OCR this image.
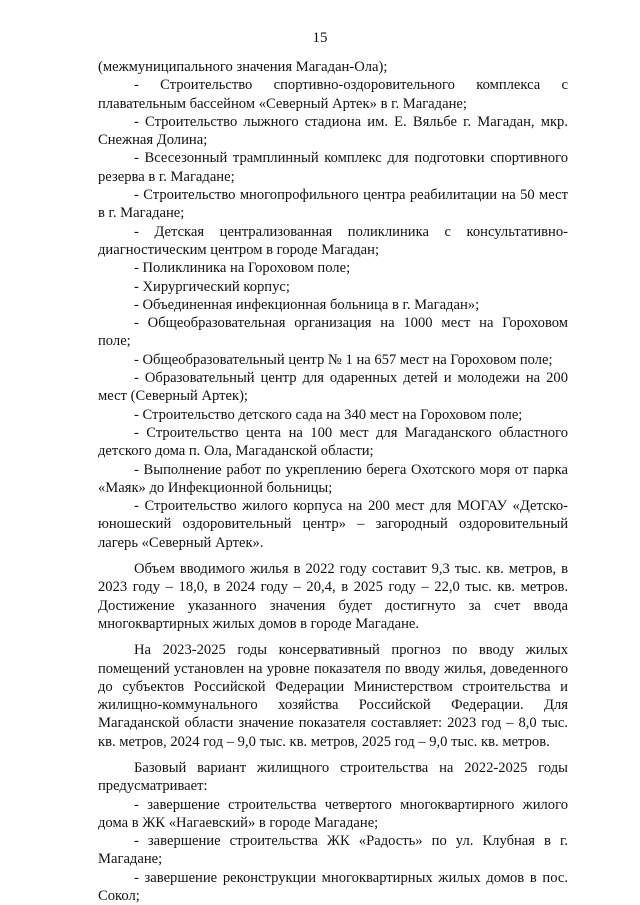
15

(межмуниципального значения Магадан-Ола);

- Строительство спортивно-оздоровительного комплекса с плавательным бассейном «Северный Артек» в г. Магадане;

- Строительство лыжного стадиона им. Е. Вяльбе г. Магадан, мкр. Снежная Долина;

- Всесезонный трамплинный комплекс для подготовки спортивного резерва в г. Магадане;

- Строительство многопрофильного центра реабилитации на 50 мест в г. Магадане;

- Детская централизованная поликлиника с консультативно-диагностическим центром в городе Магадан;

- Поликлиника на Гороховом поле;

- Хирургический корпус;

- Объединенная инфекционная больница в г. Магадан»;

- Общеобразовательная организация на 1000 мест на Гороховом поле;

- Общеобразовательный центр № 1 на 657 мест на Гороховом поле;

- Образовательный центр для одаренных детей и молодежи на 200 мест (Северный Артек);

- Строительство детского сада на 340 мест на Гороховом поле;

- Строительство цента на 100 мест для Магаданского областного детского дома п. Ола, Магаданской области;

- Выполнение работ по укреплению берега Охотского моря от парка «Маяк» до Инфекционной больницы;

- Строительство жилого корпуса на 200 мест для МОГАУ «Детско-юношеский оздоровительный центр» – загородный оздоровительный лагерь «Северный Артек».

Объем вводимого жилья в 2022 году составит 9,3 тыс. кв. метров, в 2023 году – 18,0, в 2024 году – 20,4, в 2025 году – 22,0 тыс. кв. метров. Достижение указанного значения будет достигнуто за счет ввода многоквартирных жилых домов в городе Магадане.

На 2023-2025 годы консервативный прогноз по вводу жилых помещений установлен на уровне показателя по вводу жилья, доведенного до субъектов Российской Федерации Министерством строительства и жилищно-коммунального хозяйства Российской Федерации. Для Магаданской области значение показателя составляет: 2023 год – 8,0 тыс. кв. метров, 2024 год – 9,0 тыс. кв. метров, 2025 год – 9,0 тыс. кв. метров.

Базовый вариант жилищного строительства на 2022-2025 годы предусматривает:

- завершение строительства четвертого многоквартирного жилого дома в ЖК «Нагаевский» в городе Магадане;

- завершение строительства ЖК «Радость» по ул. Клубная в г. Магадане;

- завершение реконструкции многоквартирных жилых домов в пос. Сокол;
